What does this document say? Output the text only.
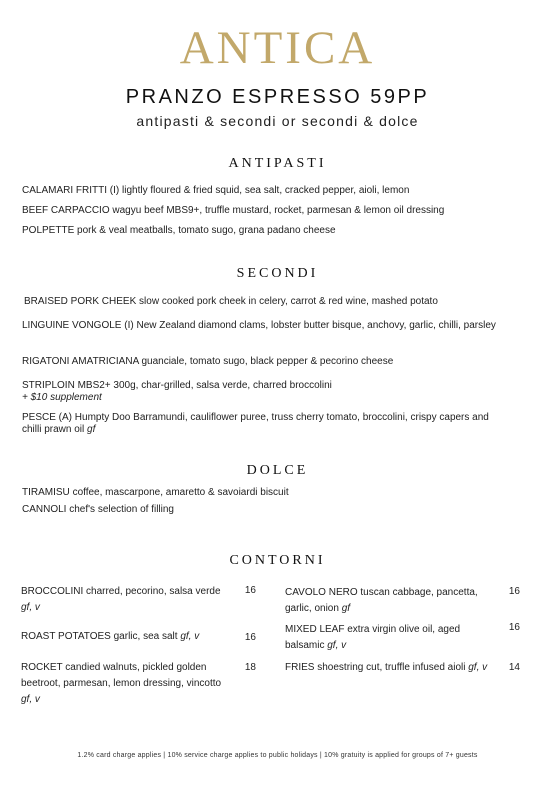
ANTICA
PRANZO ESPRESSO 59PP
antipasti & secondi or secondi & dolce
ANTIPASTI
CALAMARI FRITTI (I) lightly floured & fried squid, sea salt, cracked pepper, aioli, lemon
BEEF CARPACCIO wagyu beef MBS9+, truffle mustard, rocket, parmesan & lemon oil dressing
POLPETTE pork & veal meatballs, tomato sugo, grana padano cheese
SECONDI
BRAISED PORK CHEEK slow cooked pork cheek in celery, carrot & red wine, mashed potato
LINGUINE VONGOLE (I) New Zealand diamond clams, lobster butter bisque, anchovy, garlic, chilli, parsley
RIGATONI AMATRICIANA guanciale, tomato sugo, black pepper & pecorino cheese
STRIPLOIN MBS2+ 300g, char-grilled, salsa verde, charred broccolini
+ $10 supplement
PESCE (A) Humpty Doo Barramundi, cauliflower puree, truss cherry tomato, broccolini, crispy capers and chilli prawn oil gf
DOLCE
TIRAMISU coffee, mascarpone, amaretto & savoiardi biscuit
CANNOLI chef's selection of filling
CONTORNI
BROCCOLINI charred, pecorino, salsa verde gf, v
16
ROAST POTATOES garlic, sea salt gf, v	16
ROCKET candied walnuts, pickled golden beetroot, parmesan, lemon dressing, vincotto gf, v
18
CAVOLO NERO tuscan cabbage, pancetta, garlic, onion gf
16
MIXED LEAF extra virgin olive oil, aged balsamic gf, v
16
FRIES shoestring cut, truffle infused aioli gf, v	14
1.2% card charge applies | 10% service charge applies to public holidays | 10% gratuity is applied for groups of 7+ guests
